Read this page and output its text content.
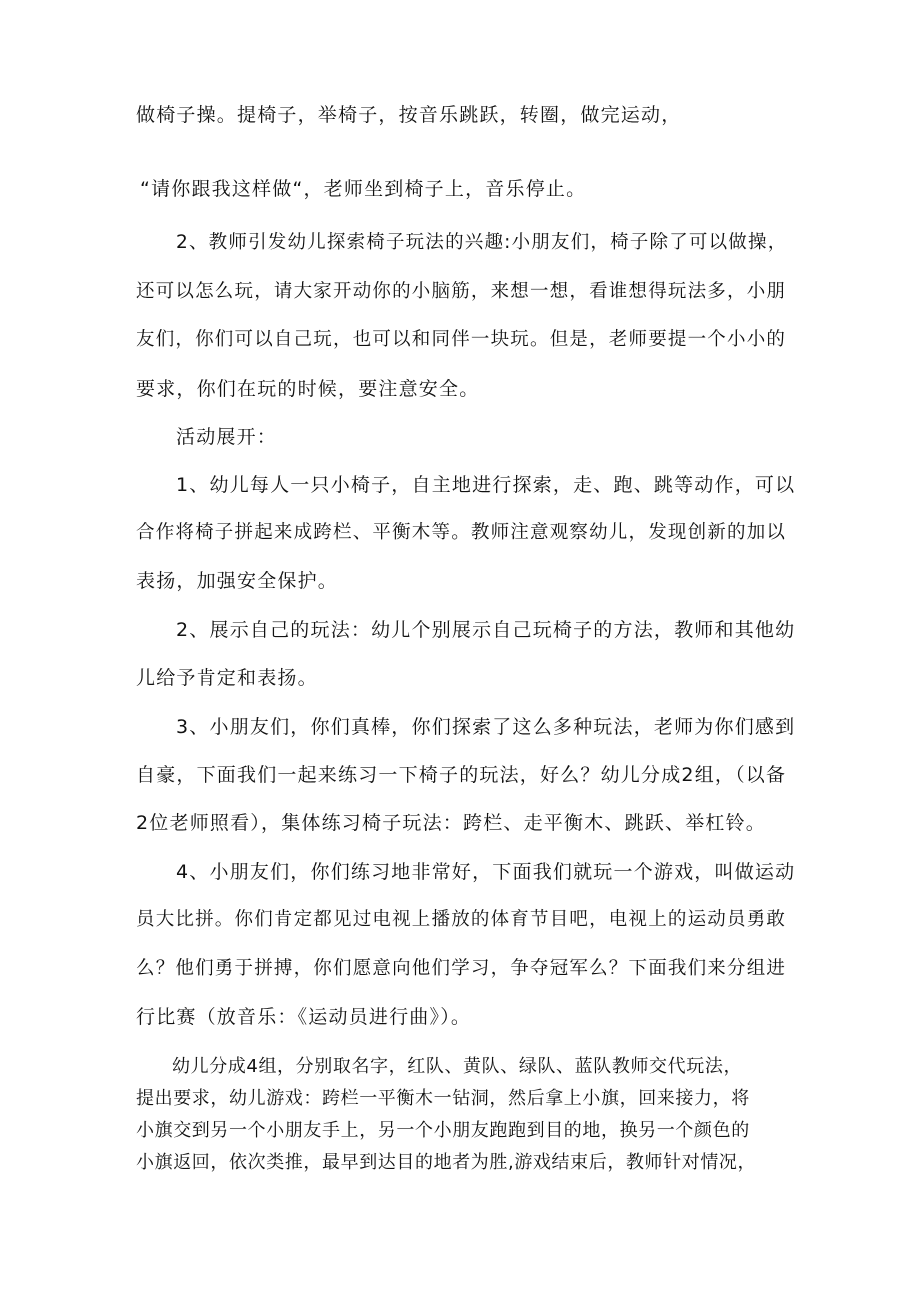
做椅子操。提椅子，举椅子，按音乐跳跃，转圈，做完运动，
“请你跟我这样做“，老师坐到椅子上，音乐停止。
2、教师引发幼儿探索椅子玩法的兴趣:小朋友们，椅子除了可以做操，
还可以怎么玩，请大家开动你的小脑筋，来想一想，看谁想得玩法多，小朋
友们，你们可以自己玩，也可以和同伴一块玩。但是，老师要提一个小小的
要求，你们在玩的时候，要注意安全。
活动展开：
1、幼儿每人一只小椅子，自主地进行探索，走、跑、跳等动作，可以
合作将椅子拼起来成跨栏、平衡木等。教师注意观察幼儿，发现创新的加以
表扬，加强安全保护。
2、展示自己的玩法：幼儿个别展示自己玩椅子的方法，教师和其他幼
儿给予肯定和表扬。
3、小朋友们，你们真棒，你们探索了这么多种玩法，老师为你们感到
自豪，下面我们一起来练习一下椅子的玩法，好么？幼儿分成2组，（以备
2位老师照看），集体练习椅子玩法：跨栏、走平衡木、跳跃、举杠铃。
4、小朋友们，你们练习地非常好，下面我们就玩一个游戏，叫做运动
员大比拼。你们肯定都见过电视上播放的体育节目吧，电视上的运动员勇敢
么？他们勇于拼搏，你们愿意向他们学习，争夺冠军么？下面我们来分组进
行比赛（放音乐：《运动员进行曲》）。
幼儿分成4组，分别取名字，红队、黄队、绿队、蓝队教师交代玩法，
提出要求，幼儿游戏：跨栏一平衡木一钻洞，然后拿上小旗，回来接力，将
小旗交到另一个小朋友手上，另一个小朋友跑跑到目的地，换另一个颜色的
小旗返回，依次类推，最早到达目的地者为胜,游戏结束后，教师针对情况，
